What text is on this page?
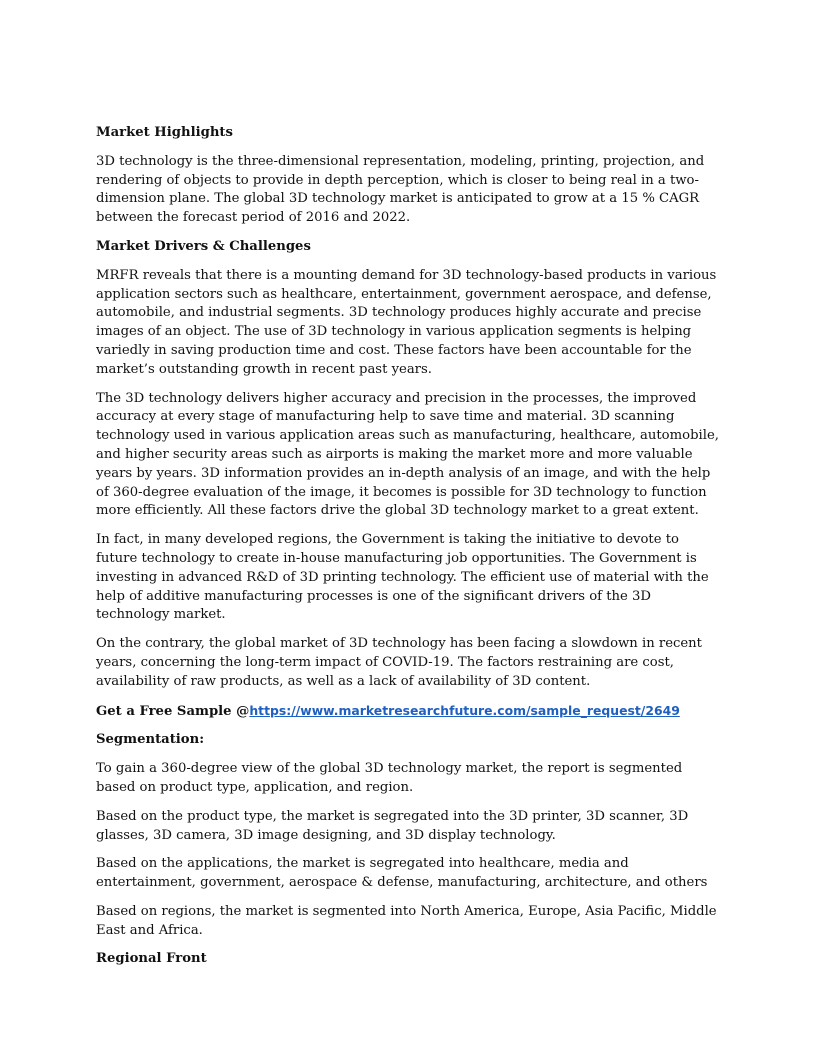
Market Highlights

3D technology is the three-dimensional representation, modeling, printing, projection, and rendering of objects to provide in depth perception, which is closer to being real in a two-dimension plane. The global 3D technology market is anticipated to grow at a 15 % CAGR between the forecast period of 2016 and 2022.

Market Drivers & Challenges

MRFR reveals that there is a mounting demand for 3D technology-based products in various application sectors such as healthcare, entertainment, government aerospace, and defense, automobile, and industrial segments. 3D technology produces highly accurate and precise images of an object. The use of 3D technology in various application segments is helping variedly in saving production time and cost. These factors have been accountable for the market’s outstanding growth in recent past years.

The 3D technology delivers higher accuracy and precision in the processes, the improved accuracy at every stage of manufacturing help to save time and material. 3D scanning technology used in various application areas such as manufacturing, healthcare, automobile, and higher security areas such as airports is making the market more and more valuable years by years. 3D information provides an in-depth analysis of an image, and with the help of 360-degree evaluation of the image, it becomes is possible for 3D technology to function more efficiently. All these factors drive the global 3D technology market to a great extent.

In fact, in many developed regions, the Government is taking the initiative to devote to future technology to create in-house manufacturing job opportunities. The Government is investing in advanced R&D of 3D printing technology. The efficient use of material with the help of additive manufacturing processes is one of the significant drivers of the 3D technology market.

On the contrary, the global market of 3D technology has been facing a slowdown in recent years, concerning the long-term impact of COVID-19. The factors restraining are cost, availability of raw products, as well as a lack of availability of 3D content.

Get a Free Sample @https://www.marketresearchfuture.com/sample_request/2649
Segmentation:

To gain a 360-degree view of the global 3D technology market, the report is segmented based on product type, application, and region.

Based on the product type, the market is segregated into the 3D printer, 3D scanner, 3D glasses, 3D camera, 3D image designing, and 3D display technology.

Based on the applications, the market is segregated into healthcare, media and entertainment, government, aerospace & defense, manufacturing, architecture, and others

Based on regions, the market is segmented into North America, Europe, Asia Pacific, Middle East and Africa.

Regional Front
